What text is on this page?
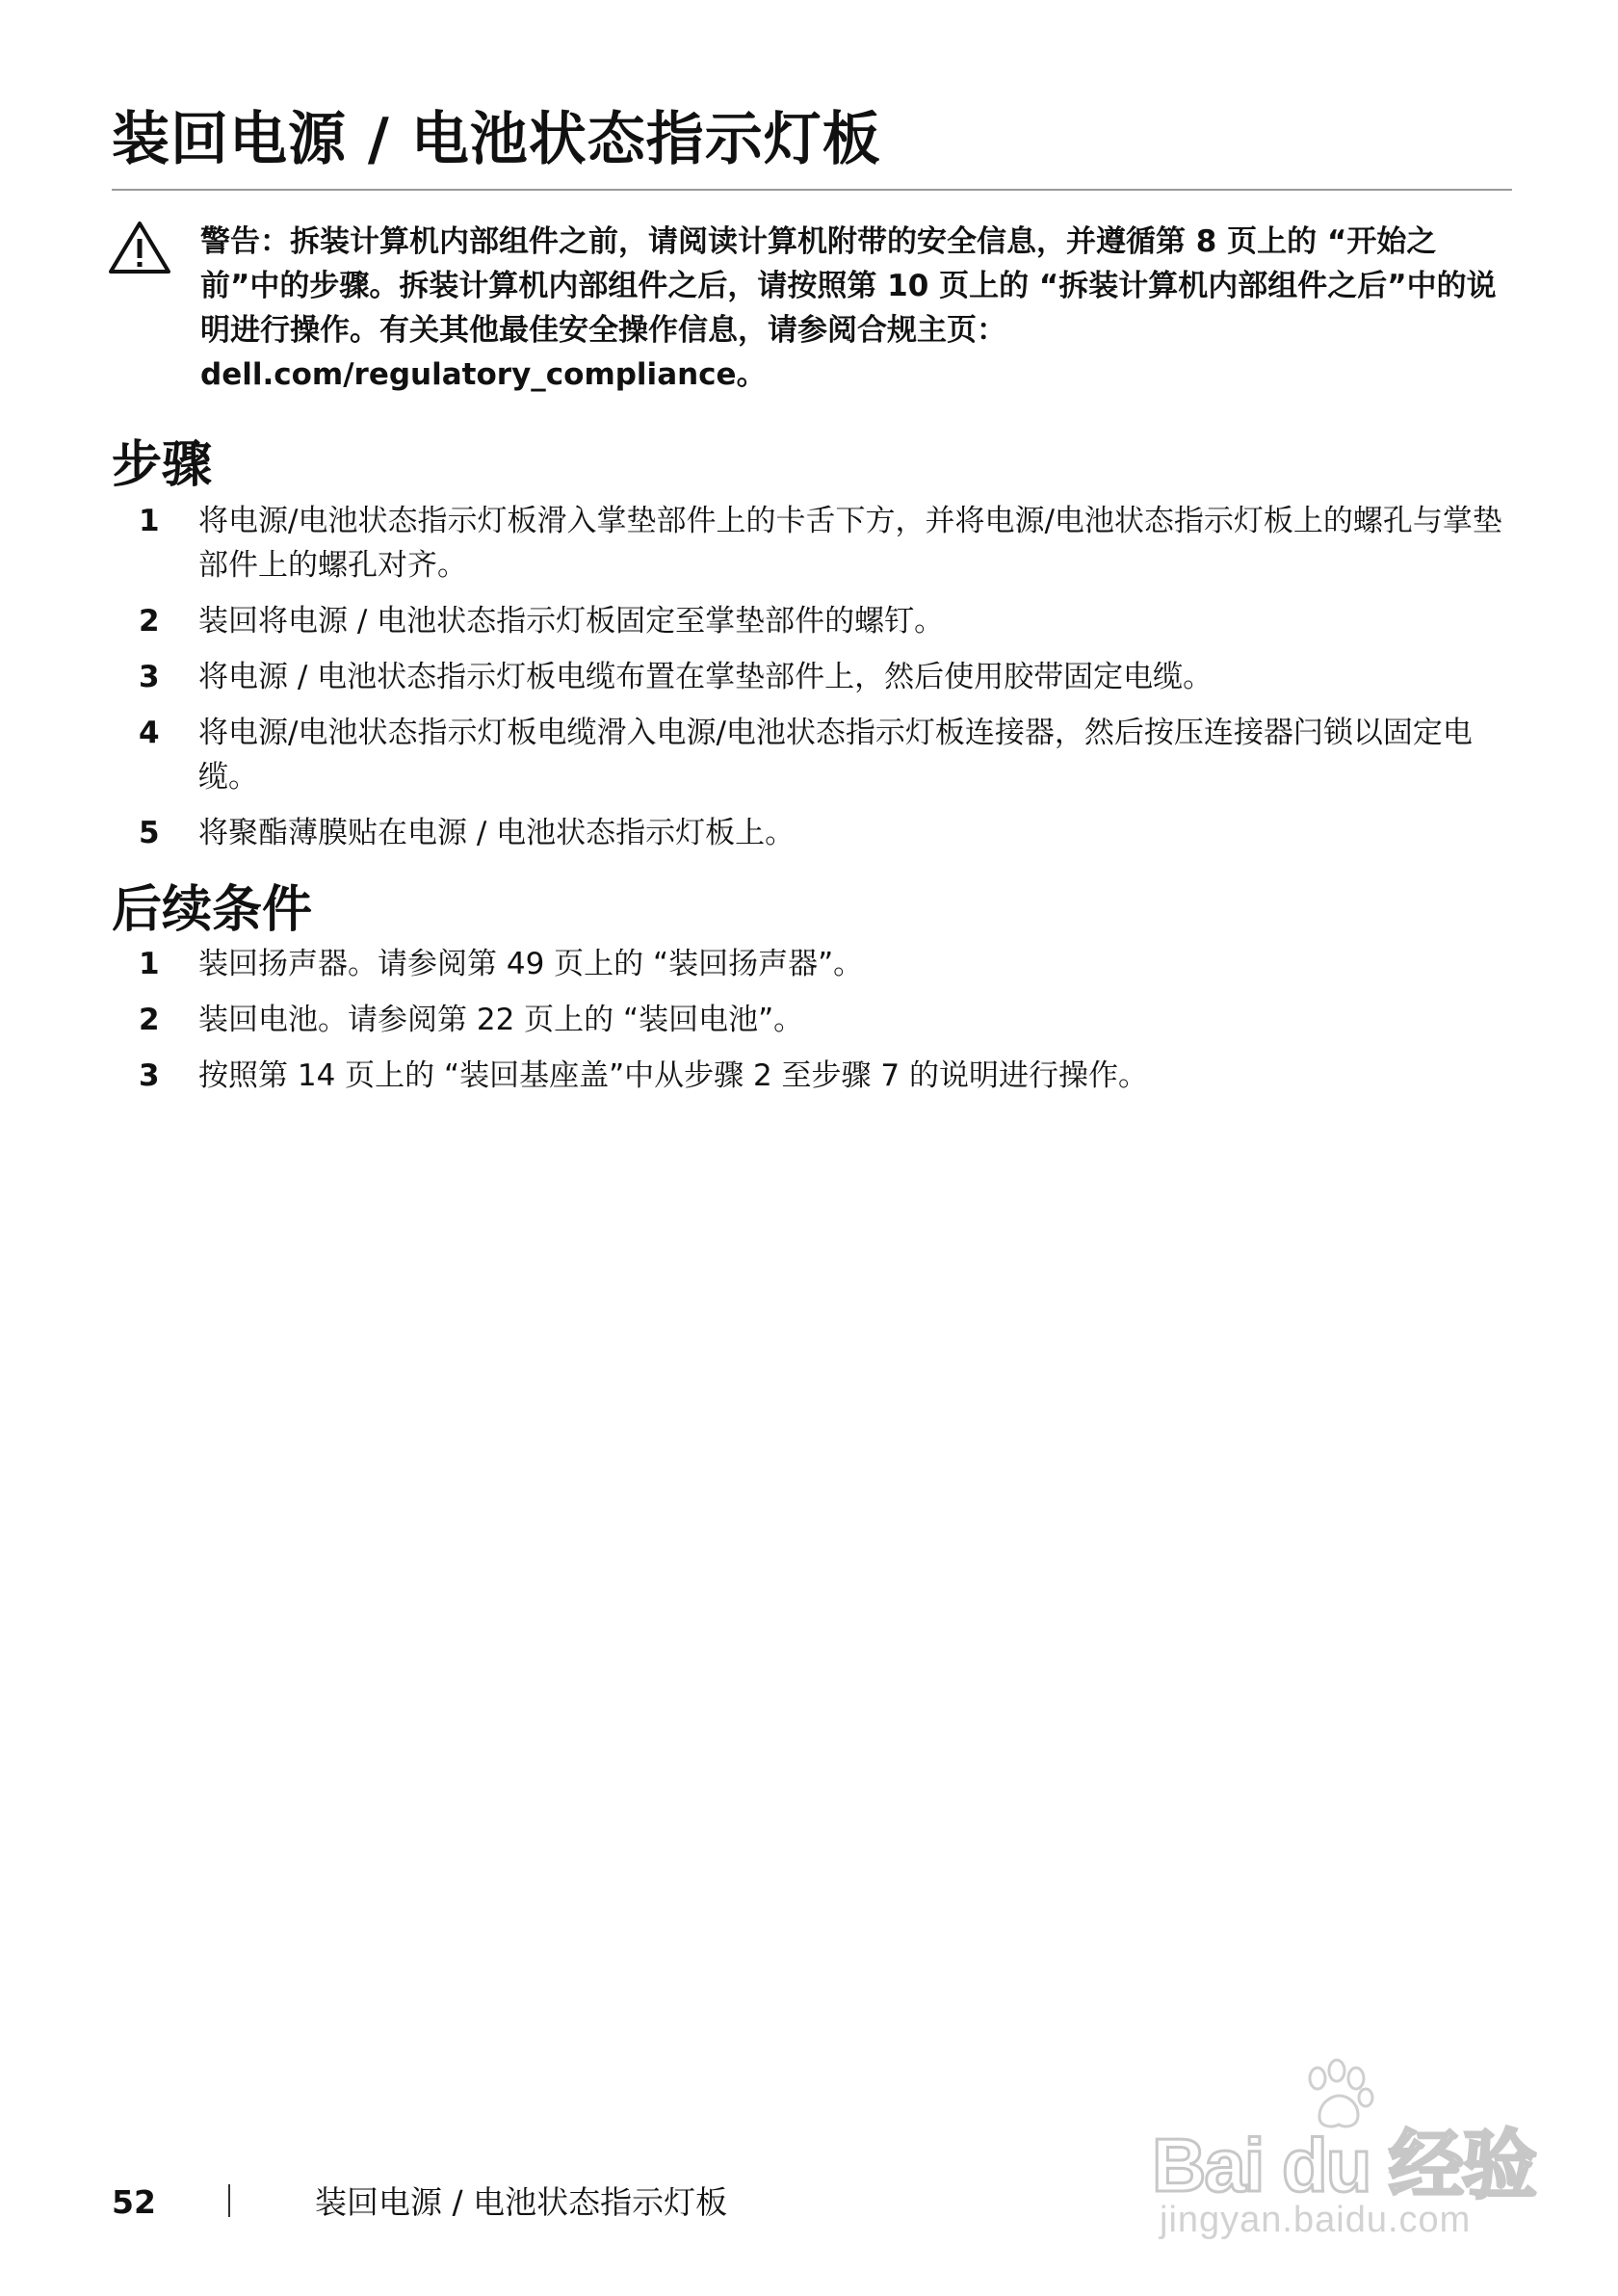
装回电源 / 电池状态指示灯板

警告：拆装计算机内部组件之前，请阅读计算机附带的安全信息，并遵循第 8 页上的 “开始之前”中的步骤。拆装计算机内部组件之后，请按照第 10 页上的 “拆装计算机内部组件之后”中的说明进行操作。有关其他最佳安全操作信息，请参阅合规主页：dell.com/regulatory_compliance。

步骤
1 将电源/电池状态指示灯板滑入掌垫部件上的卡舌下方，并将电源/电池状态指示灯板上的螺孔与掌垫部件上的螺孔对齐。
2 装回将电源 / 电池状态指示灯板固定至掌垫部件的螺钉。
3 将电源 / 电池状态指示灯板电缆布置在掌垫部件上，然后使用胶带固定电缆。
4 将电源/电池状态指示灯板电缆滑入电源/电池状态指示灯板连接器，然后按压连接器闩锁以固定电缆。
5 将聚酯薄膜贴在电源 / 电池状态指示灯板上。
后续条件
1 装回扬声器。请参阅第 49 页上的 “装回扬声器”。
2 装回电池。请参阅第 22 页上的 “装回电池”。
3 按照第 14 页上的 “装回基座盖”中从步骤 2 至步骤 7 的说明进行操作。
52	装回电源 / 电池状态指示灯板	Bai du 经验
jingyan.baidu.com
